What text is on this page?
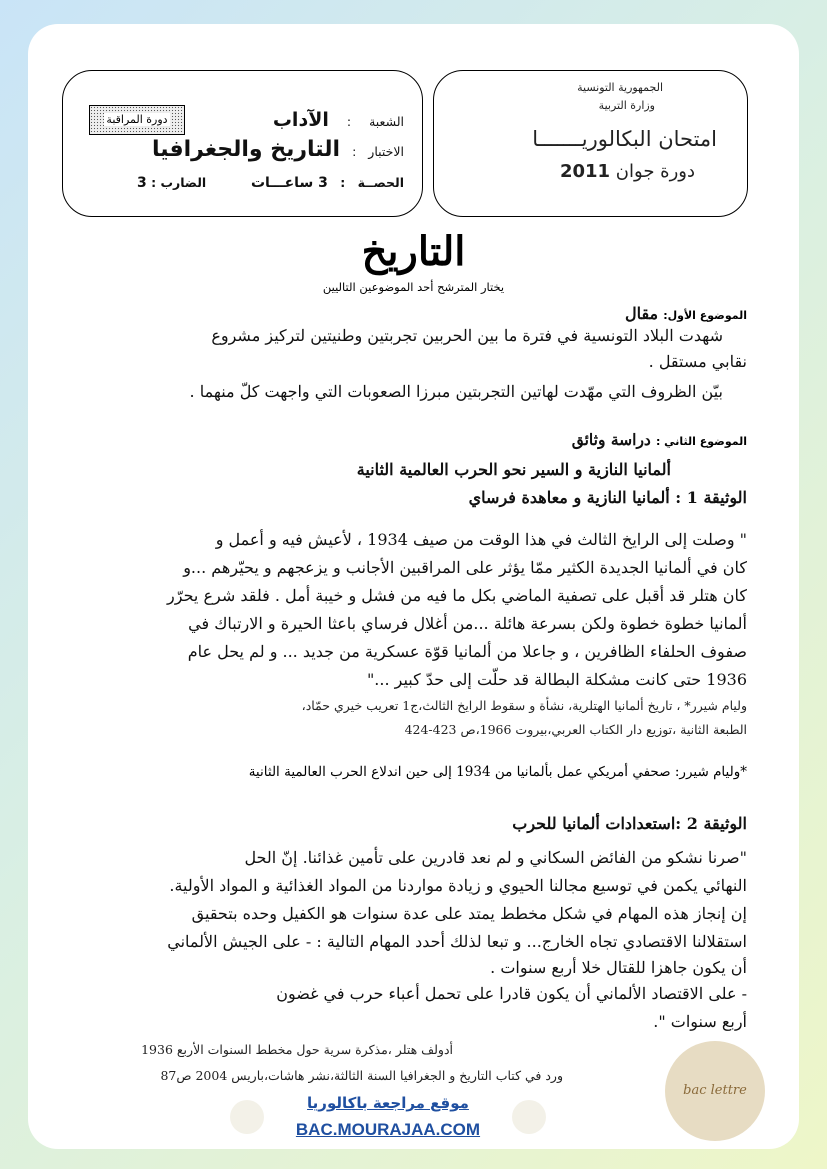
الجمهورية التونسية
وزارة التربية
امتحان البكالوريـــــــا
دورة جوان 2011
دورة المراقبة	الشعبة : الآداب
الاختبار : التاريخ والجغرافيا
الحصــة : 3 ساعـــات  الضارب : 3
التاريخ
يختار المترشح أحد الموضوعين التاليين
الموضوع الأول: مقال
شهدت البلاد التونسية في فترة ما بين الحربين تجربتين وطنيتين لتركيز مشروع
نقابي مستقل .
بيّن الظروف التي مهّدت لهاتين التجربتين مبرزا الصعوبات التي واجهت كلّ منهما .
الموضوع الثاني : دراسة وثائق
ألمانيا النازية و السير نحو الحرب العالمية الثانية
الوثيقة 1 : ألمانيا النازية و معاهدة فرساي
" وصلت إلى الرايخ الثالث في هذا الوقت من صيف 1934 ، لأعيش فيه و أعمل و
كان في ألمانيا الجديدة الكثير ممّا يؤثر على المراقبين الأجانب و يزعجهم و يحيّرهم ...و
كان هتلر قد أقبل على تصفية الماضي بكل ما فيه من فشل و خيبة أمل . فلقد شرع يحرّر
ألمانيا خطوة خطوة ولكن بسرعة هائلة ...من أغلال فرساي باعثا الحيرة و الارتباك في
صفوف الحلفاء الظافرين ، و جاعلا من ألمانيا قوّة عسكرية من جديد ... و لم يحل عام
1936 حتى كانت مشكلة البطالة قد حلّت إلى حدّ كبير ..."
وليام شيرر* ، تاريخ ألمانيا الهتلرية، نشأة و سقوط الرايخ الثالث،ج1 تعريب خيري حمّاد،
الطبعة الثانية ،توزيع دار الكتاب العربي،بيروت 1966،ص 423-424
*وليام شيرر: صحفي أمريكي عمل بألمانيا من 1934 إلى حين اندلاع الحرب العالمية الثانية
الوثيقة 2 :استعدادات ألمانيا للحرب
"صرنا نشكو من الفائض السكاني و لم نعد قادرين على تأمين غذائنا. إنّ الحل
النهائي يكمن في توسيع مجالنا الحيوي و زيادة مواردنا من المواد الغذائية و المواد الأولية.
إن إنجاز هذه المهام في شكل مخطط يمتد على عدة سنوات هو الكفيل وحده بتحقيق
استقلالنا الاقتصادي تجاه الخارج... و تبعا لذلك أحدد المهام التالية : - على الجيش الألماني
أن يكون جاهزا للقتال خلا أربع سنوات .
- على الاقتصاد الألماني أن يكون قادرا على تحمل أعباء حرب في غضون
أربع سنوات ".
أدولف هتلر ،مذكرة سرية حول مخطط السنوات الأربع 1936
ورد في كتاب التاريخ و الجغرافيا السنة الثالثة،نشر هاشات،باريس 2004 ص87
موقع مراجعة باكالوريا
BAC.MOURAJAA.COM
bac lettre
